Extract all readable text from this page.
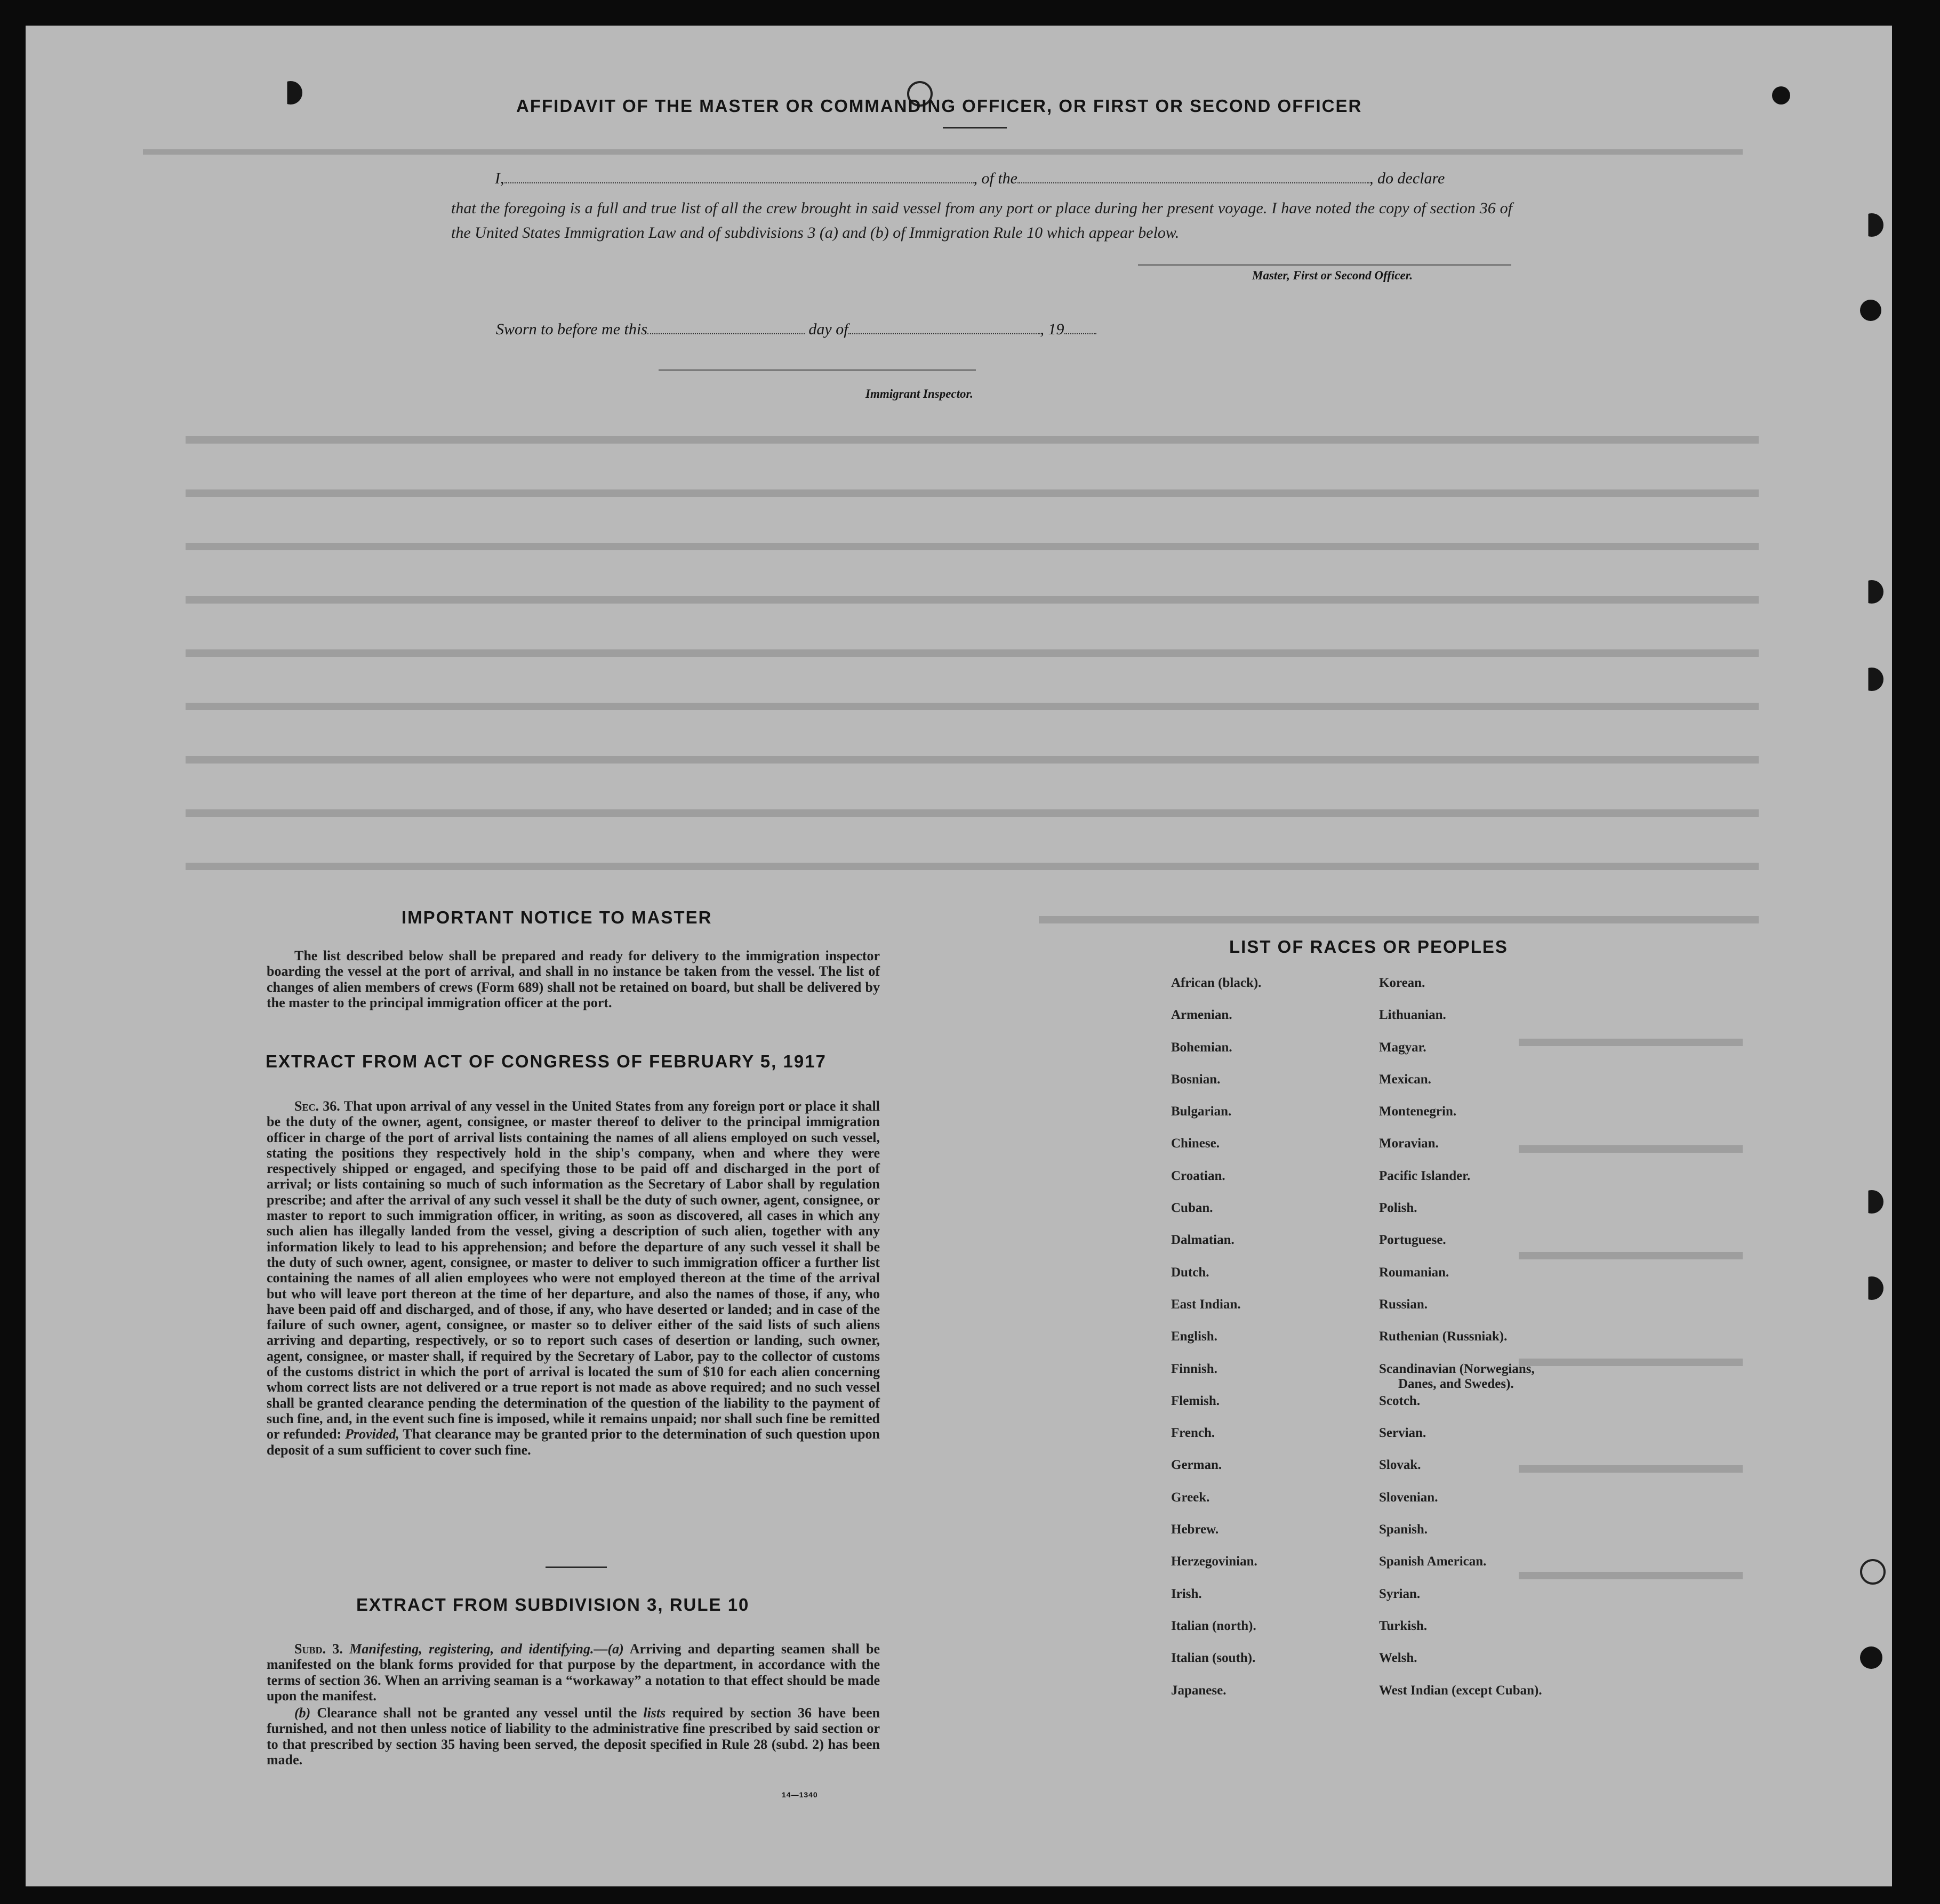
AFFIDAVIT OF THE MASTER OR COMMANDING OFFICER, OR FIRST OR SECOND OFFICER
I,	, of the	, do declare
that the foregoing is a full and true list of all the crew brought in said vessel from any port or place during her present voyage. I have noted the copy of section 36 of the United States Immigration Law and of subdivisions 3 (a) and (b) of Immigration Rule 10 which appear below.
Master, First or Second Officer.
Sworn to before me this	day of	, 19
Immigrant Inspector.
IMPORTANT NOTICE TO MASTER
The list described below shall be prepared and ready for delivery to the immigration inspector boarding the vessel at the port of arrival, and shall in no instance be taken from the vessel. The list of changes of alien members of crews (Form 689) shall not be retained on board, but shall be delivered by the master to the principal immigration officer at the port.
EXTRACT FROM ACT OF CONGRESS OF FEBRUARY 5, 1917
Sec. 36. That upon arrival of any vessel in the United States from any foreign port or place it shall be the duty of the owner, agent, consignee, or master thereof to deliver to the principal immigration officer in charge of the port of arrival lists containing the names of all aliens employed on such vessel, stating the positions they respectively hold in the ship's company, when and where they were respectively shipped or engaged, and specifying those to be paid off and discharged in the port of arrival; or lists containing so much of such information as the Secretary of Labor shall by regulation prescribe; and after the arrival of any such vessel it shall be the duty of such owner, agent, consignee, or master to report to such immigration officer, in writing, as soon as discovered, all cases in which any such alien has illegally landed from the vessel, giving a description of such alien, together with any information likely to lead to his apprehension; and before the departure of any such vessel it shall be the duty of such owner, agent, consignee, or master to deliver to such immigration officer a further list containing the names of all alien employees who were not employed thereon at the time of the arrival but who will leave port thereon at the time of her departure, and also the names of those, if any, who have been paid off and discharged, and of those, if any, who have deserted or landed; and in case of the failure of such owner, agent, consignee, or master so to deliver either of the said lists of such aliens arriving and departing, respectively, or so to report such cases of desertion or landing, such owner, agent, consignee, or master shall, if required by the Secretary of Labor, pay to the collector of customs of the customs district in which the port of arrival is located the sum of $10 for each alien concerning whom correct lists are not delivered or a true report is not made as above required; and no such vessel shall be granted clearance pending the determination of the question of the liability to the payment of such fine, and, in the event such fine is imposed, while it remains unpaid; nor shall such fine be remitted or refunded: Provided, That clearance may be granted prior to the determination of such question upon deposit of a sum sufficient to cover such fine.
EXTRACT FROM SUBDIVISION 3, RULE 10
Subd. 3. Manifesting, registering, and identifying.—(a) Arriving and departing seamen shall be manifested on the blank forms provided for that purpose by the department, in accordance with the terms of section 36. When an arriving seaman is a “workaway” a notation to that effect should be made upon the manifest.
(b) Clearance shall not be granted any vessel until the lists required by section 36 have been furnished, and not then unless notice of liability to the administrative fine prescribed by said section or to that prescribed by section 35 having been served, the deposit specified in Rule 28 (subd. 2) has been made.
14—1340
LIST OF RACES OR PEOPLES
African (black).
Armenian.
Bohemian.
Bosnian.
Bulgarian.
Chinese.
Croatian.
Cuban.
Dalmatian.
Dutch.
East Indian.
English.
Finnish.
Flemish.
French.
German.
Greek.
Hebrew.
Herzegovinian.
Irish.
Italian (north).
Italian (south).
Japanese.
Korean.
Lithuanian.
Magyar.
Mexican.
Montenegrin.
Moravian.
Pacific Islander.
Polish.
Portuguese.
Roumanian.
Russian.
Ruthenian (Russniak).
Scandinavian (Norwegians,
Danes, and Swedes).
Scotch.
Servian.
Slovak.
Slovenian.
Spanish.
Spanish American.
Syrian.
Turkish.
Welsh.
West Indian (except Cuban).
